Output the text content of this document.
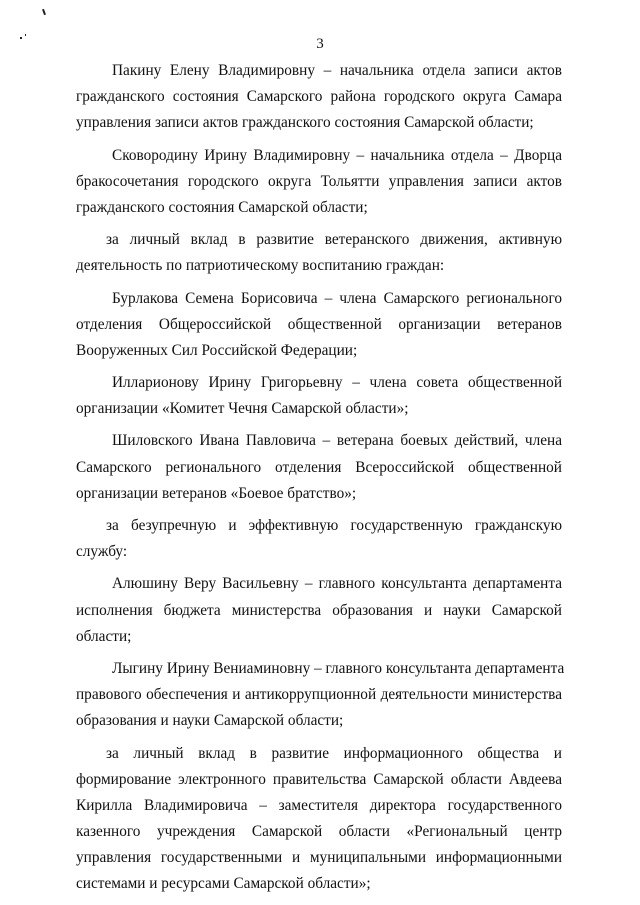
3
Пакину Елену Владимировну – начальника отдела записи актов
гражданского состояния Самарского района городского округа Самара
управления записи актов гражданского состояния Самарской области;
Сковородину Ирину Владимировну – начальника отдела – Дворца
бракосочетания городского округа Тольятти управления записи актов
гражданского состояния Самарской области;
за личный вклад в развитие ветеранского движения, активную
деятельность по патриотическому воспитанию граждан:
Бурлакова Семена Борисовича – члена Самарского регионального
отделения Общероссийской общественной организации ветеранов
Вооруженных Сил Российской Федерации;
Илларионову Ирину Григорьевну – члена совета общественной
организации «Комитет Чечня Самарской области»;
Шиловского Ивана Павловича – ветерана боевых действий, члена
Самарского регионального отделения Всероссийской общественной
организации ветеранов «Боевое братство»;
за безупречную и эффективную государственную гражданскую
службу:
Алюшину Веру Васильевну – главного консультанта департамента
исполнения бюджета министерства образования и науки Самарской
области;
Лыгину Ирину Вениаминовну – главного консультанта департамента
правового обеспечения и антикоррупционной деятельности министерства
образования и науки Самарской области;
за личный вклад в развитие информационного общества и
формирование электронного правительства Самарской области Авдеева
Кирилла Владимировича – заместителя директора государственного
казенного учреждения Самарской области «Региональный центр
управления государственными и муниципальными информационными
системами и ресурсами Самарской области»;
